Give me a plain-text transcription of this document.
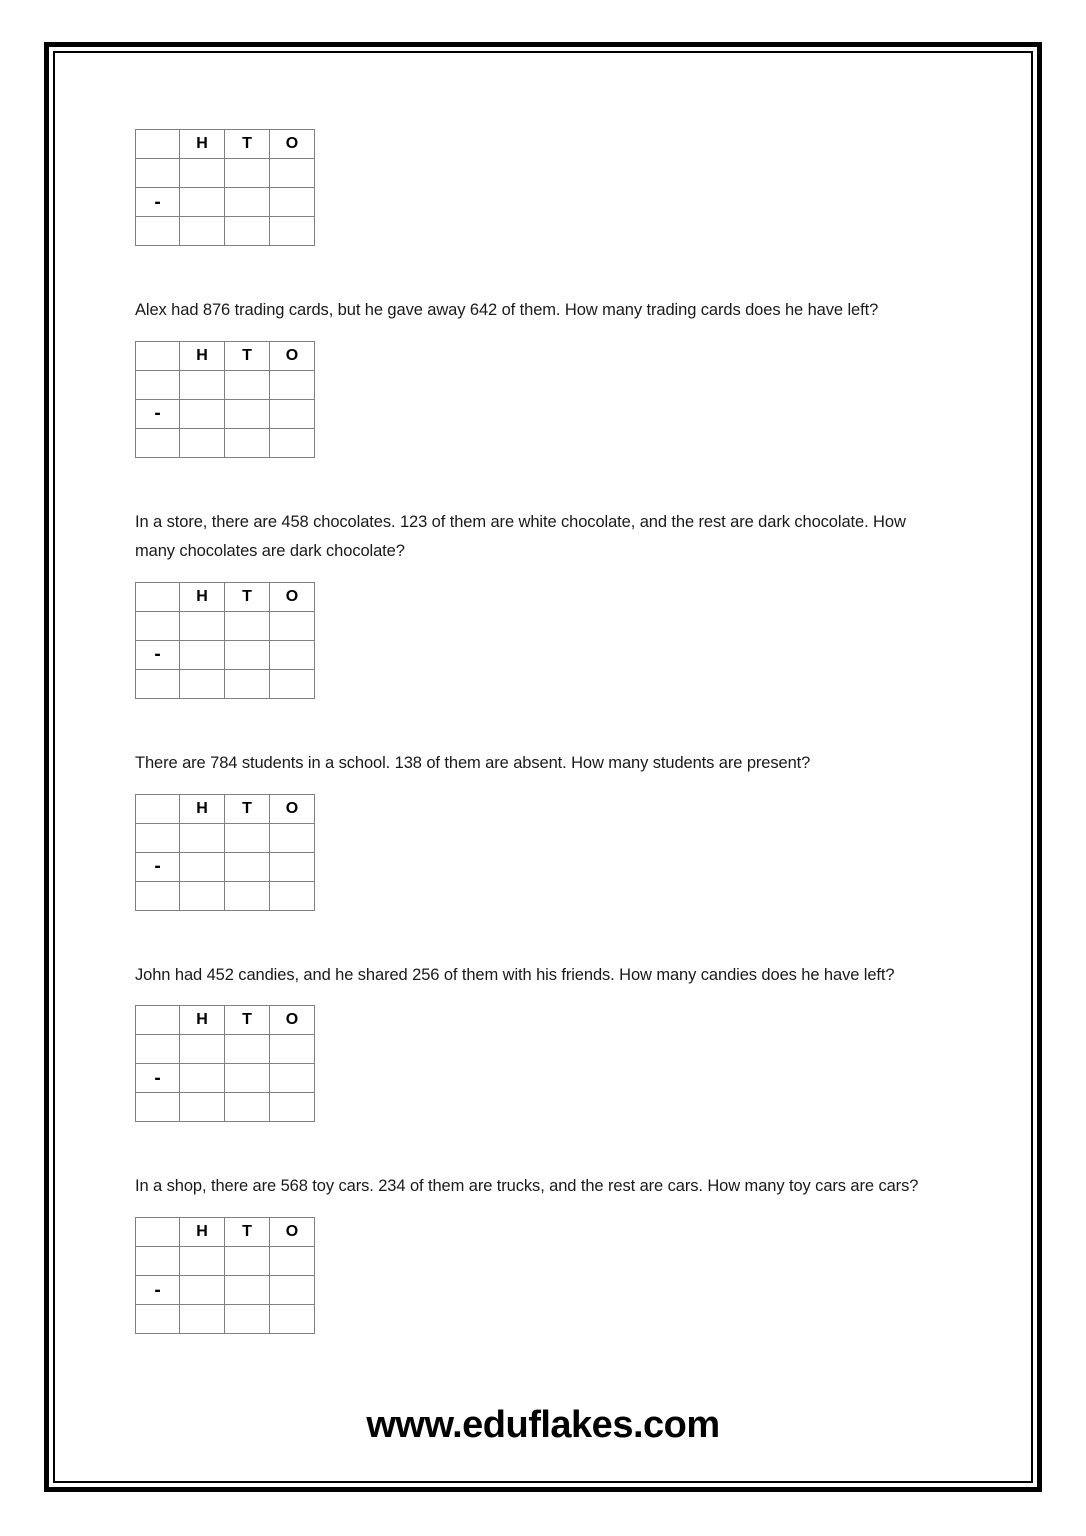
	H	T	O

-			

Alex had 876 trading cards, but he gave away 642 of them. How many trading cards does he have left?

	H	T	O

-			

In a store, there are 458 chocolates. 123 of them are white chocolate, and the rest are dark chocolate. How many chocolates are dark chocolate?

	H	T	O

-			

There are 784 students in a school. 138 of them are absent. How many students are present?

	H	T	O

-			

John had 452 candies, and he shared 256 of them with his friends. How many candies does he have left?

	H	T	O

-			

In a shop, there are 568 toy cars. 234 of them are trucks, and the rest are cars. How many toy cars are cars?

	H	T	O

-			

www.eduflakes.com
